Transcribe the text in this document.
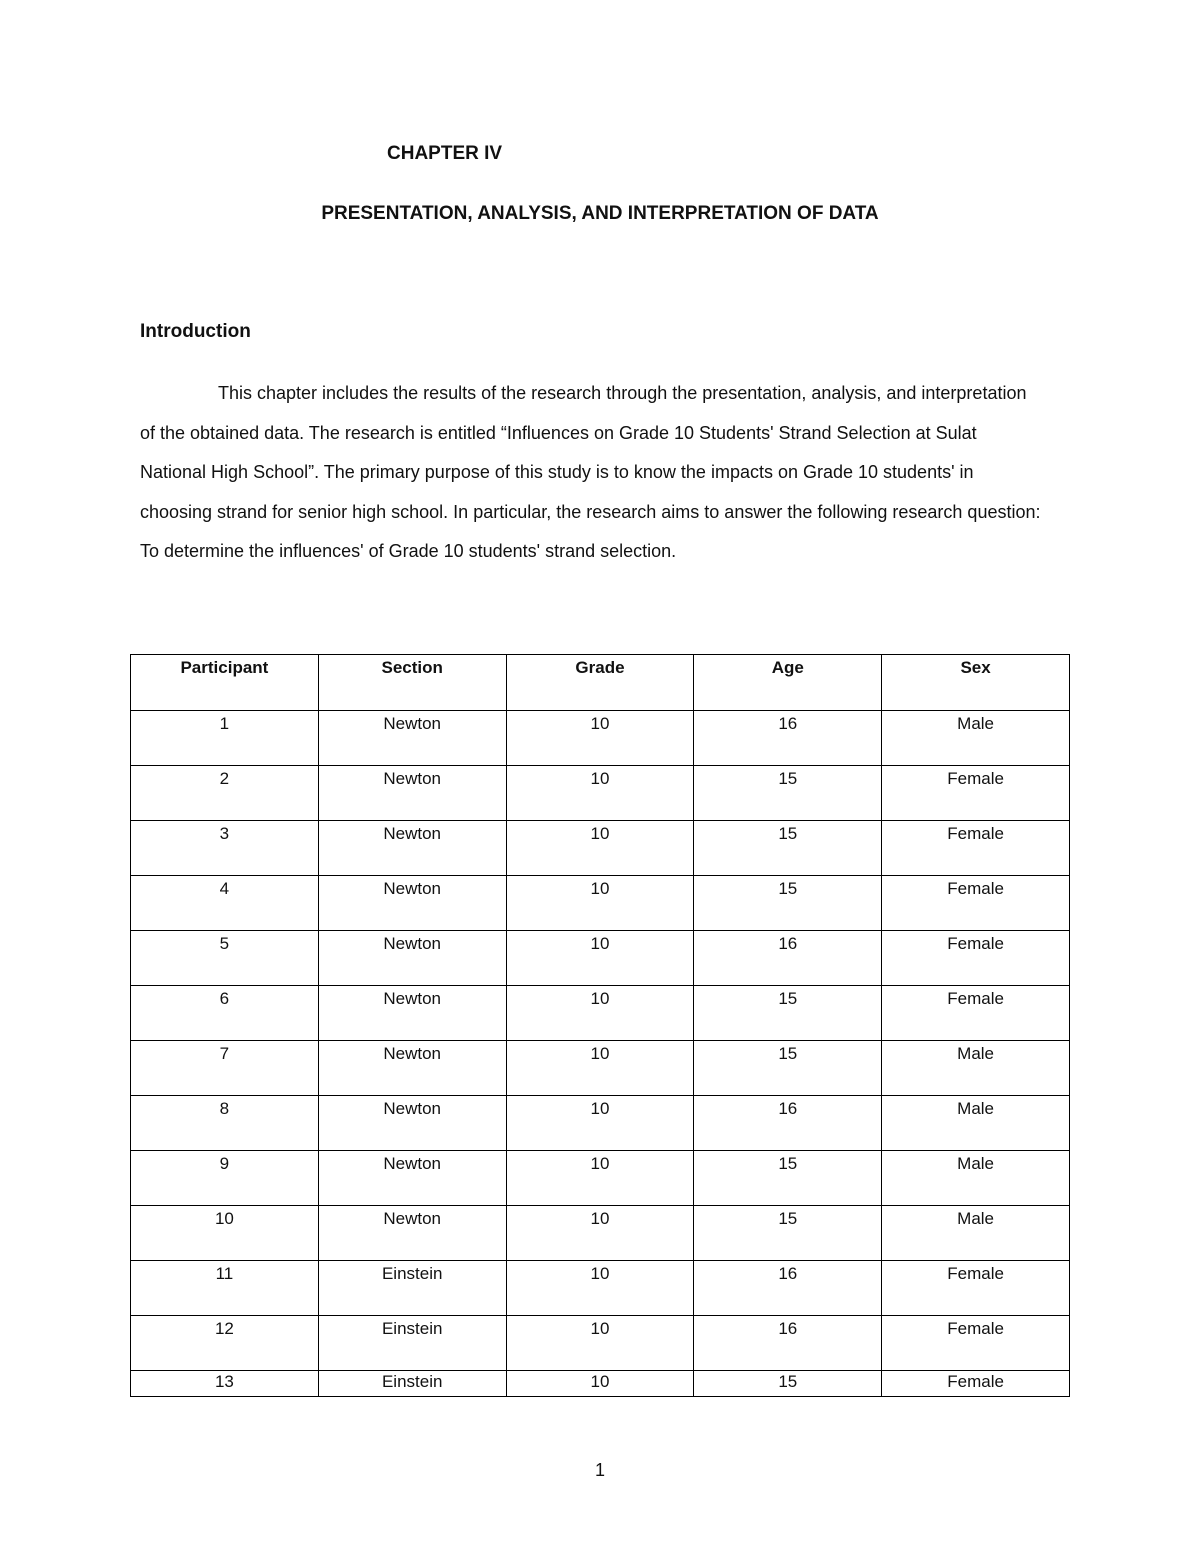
CHAPTER IV
PRESENTATION, ANALYSIS, AND INTERPRETATION OF DATA
Introduction

This chapter includes the results of the research through the presentation, analysis, and interpretation of the obtained data. The research is entitled “Influences on Grade 10 Students' Strand Selection at Sulat National High School”. The primary purpose of this study is to know the impacts on Grade 10 students' in choosing strand for senior high school. In particular, the research aims to answer the following research question: To determine the influences' of Grade 10 students' strand selection.

Participant	Section	Grade	Age	Sex
1	Newton	10	16	Male
2	Newton	10	15	Female
3	Newton	10	15	Female
4	Newton	10	15	Female
5	Newton	10	16	Female
6	Newton	10	15	Female
7	Newton	10	15	Male
8	Newton	10	16	Male
9	Newton	10	15	Male
10	Newton	10	15	Male
11	Einstein	10	16	Female
12	Einstein	10	16	Female
13	Einstein	10	15	Female
1
